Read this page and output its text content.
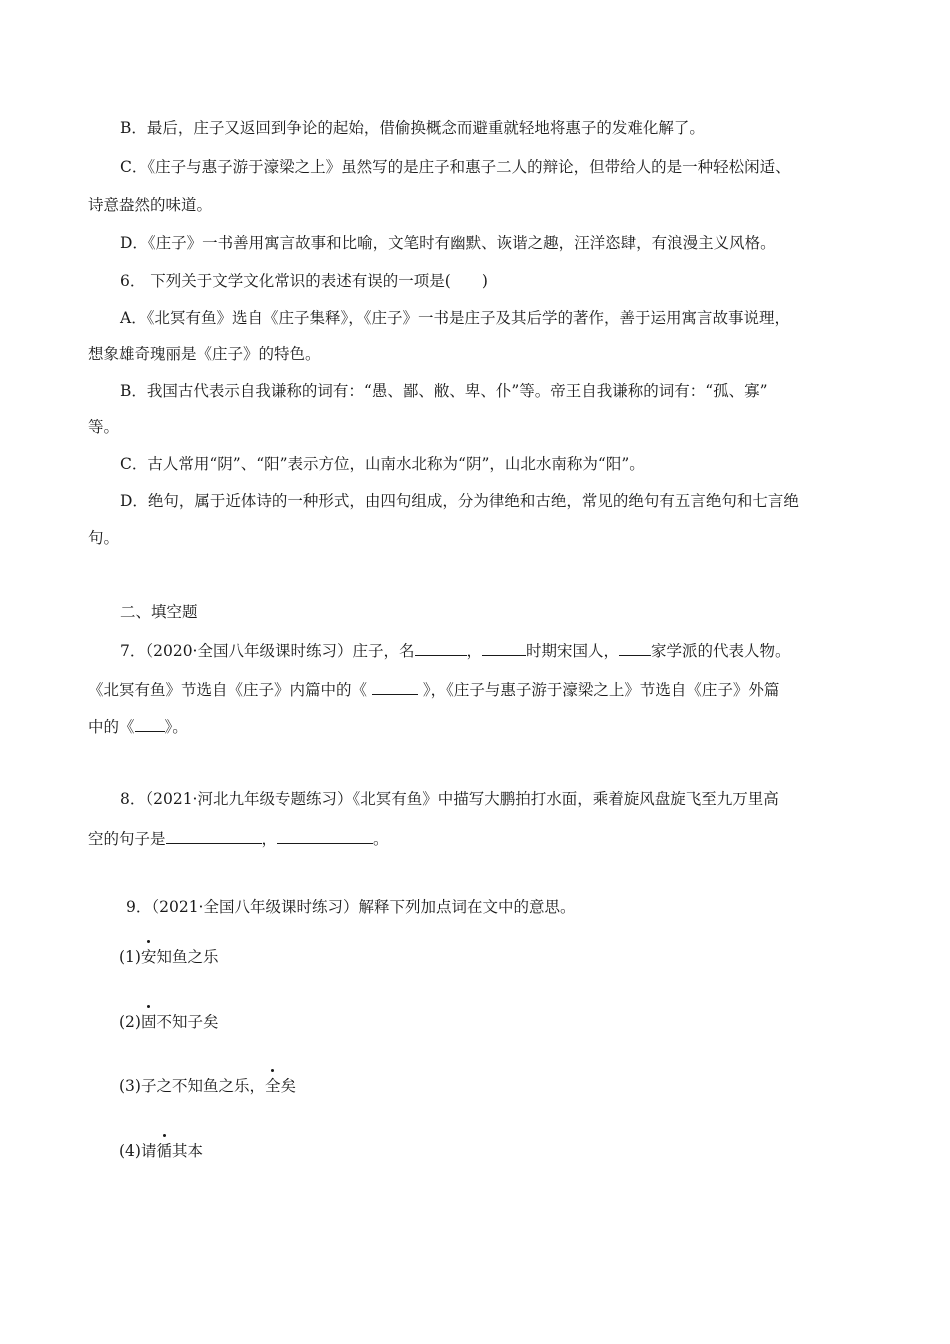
B．最后，庄子又返回到争论的起始，借偷换概念而避重就轻地将惠子的发难化解了。
C．《庄子与惠子游于濠梁之上》虽然写的是庄子和惠子二人的辩论，但带给人的是一种轻松闲适、
诗意盎然的味道。
D．《庄子》一书善用寓言故事和比喻，文笔时有幽默、诙谐之趣，汪洋恣肆，有浪漫主义风格。
6． 下列关于文学文化常识的表述有误的一项是(　　)
A．《北冥有鱼》选自《庄子集释》，《庄子》一书是庄子及其后学的著作，善于运用寓言故事说理，
想象雄奇瑰丽是《庄子》的特色。
B．我国古代表示自我谦称的词有：“愚、鄙、敝、卑、仆”等。帝王自我谦称的词有：“孤、寡”
等。
C．古人常用“阴”、“阳”表示方位，山南水北称为“阴”，山北水南称为“阳”。
D．绝句，属于近体诗的一种形式，由四句组成，分为律绝和古绝，常见的绝句有五言绝句和七言绝
句。
二、填空题
7．（2020·全国八年级课时练习）庄子，名	，	时期宋国人， 家学派的代表人物。
《北冥有鱼》节选自《庄子》内篇中的《	》，《庄子与惠子游于濠梁之上》节选自《庄子》外篇
中的《 》。
8．（2021·河北九年级专题练习）《北冥有鱼》中描写大鹏拍打水面，乘着旋风盘旋飞至九万里高
空的句子是	，	。
9．（2021·全国八年级课时练习）解释下列加点词在文中的意思。
(1)安知鱼之乐
(2)固不知子矣
(3)子之不知鱼之乐，全矣
(4)请循其本
